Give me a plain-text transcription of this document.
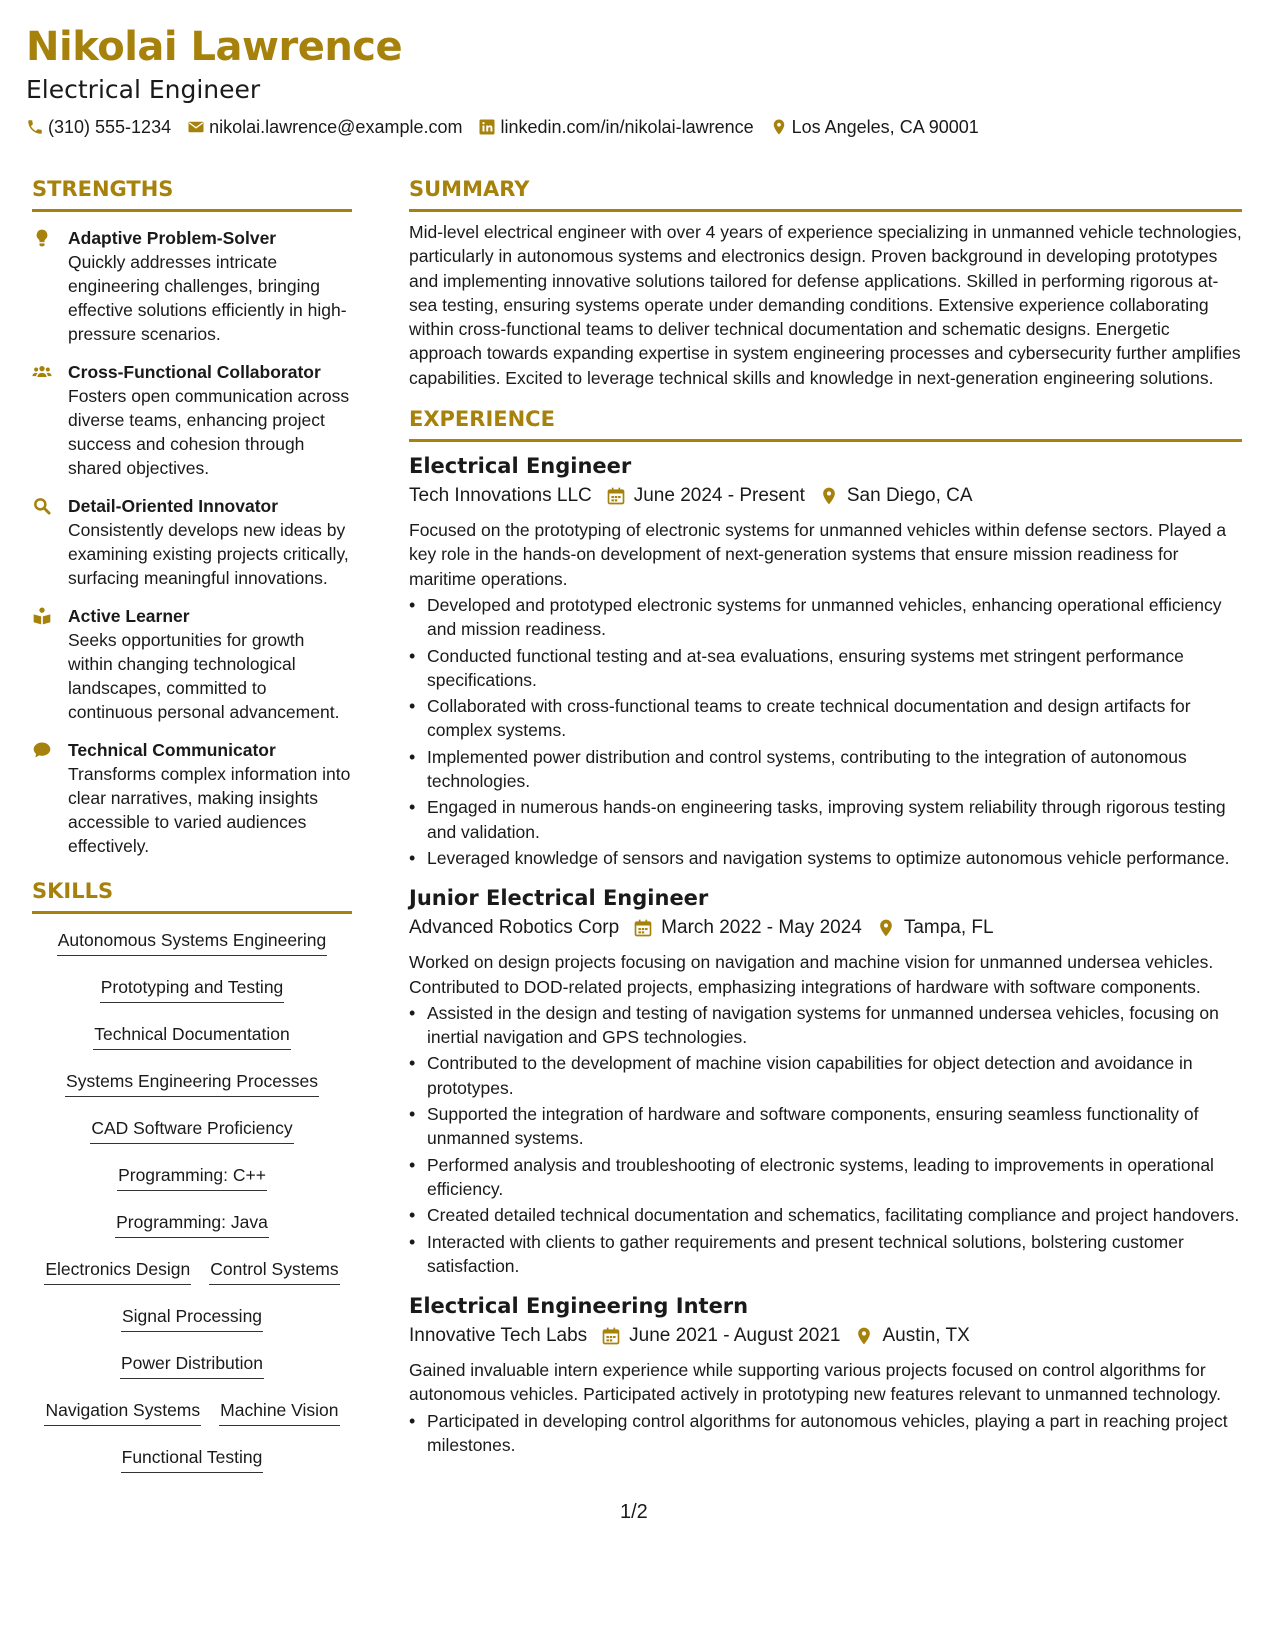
Nikolai Lawrence
Electrical Engineer
(310) 555-1234 nikolai.lawrence@example.com linkedin.com/in/nikolai-lawrence Los Angeles, CA 90001
STRENGTHS
Adaptive Problem-Solver
Quickly addresses intricate engineering challenges, bringing effective solutions efficiently in high-pressure scenarios.
Cross-Functional Collaborator
Fosters open communication across diverse teams, enhancing project success and cohesion through shared objectives.
Detail-Oriented Innovator
Consistently develops new ideas by examining existing projects critically, surfacing meaningful innovations.
Active Learner
Seeks opportunities for growth within changing technological landscapes, committed to continuous personal advancement.
Technical Communicator
Transforms complex information into clear narratives, making insights accessible to varied audiences effectively.
SKILLS
Autonomous Systems Engineering
Prototyping and Testing
Technical Documentation
Systems Engineering Processes
CAD Software Proficiency
Programming: C++
Programming: Java
Electronics Design Control Systems
Signal Processing
Power Distribution
Navigation Systems Machine Vision
Functional Testing
SUMMARY
Mid-level electrical engineer with over 4 years of experience specializing in unmanned vehicle technologies, particularly in autonomous systems and electronics design. Proven background in developing prototypes and implementing innovative solutions tailored for defense applications. Skilled in performing rigorous at-sea testing, ensuring systems operate under demanding conditions. Extensive experience collaborating within cross-functional teams to deliver technical documentation and schematic designs. Energetic approach towards expanding expertise in system engineering processes and cybersecurity further amplifies capabilities. Excited to leverage technical skills and knowledge in next-generation engineering solutions.
EXPERIENCE
Electrical Engineer
Tech Innovations LLC June 2024 - Present San Diego, CA
Focused on the prototyping of electronic systems for unmanned vehicles within defense sectors. Played a key role in the hands-on development of next-generation systems that ensure mission readiness for maritime operations.
• Developed and prototyped electronic systems for unmanned vehicles, enhancing operational efficiency and mission readiness.
• Conducted functional testing and at-sea evaluations, ensuring systems met stringent performance specifications.
• Collaborated with cross-functional teams to create technical documentation and design artifacts for complex systems.
• Implemented power distribution and control systems, contributing to the integration of autonomous technologies.
• Engaged in numerous hands-on engineering tasks, improving system reliability through rigorous testing and validation.
• Leveraged knowledge of sensors and navigation systems to optimize autonomous vehicle performance.
Junior Electrical Engineer
Advanced Robotics Corp March 2022 - May 2024 Tampa, FL
Worked on design projects focusing on navigation and machine vision for unmanned undersea vehicles. Contributed to DOD-related projects, emphasizing integrations of hardware with software components.
• Assisted in the design and testing of navigation systems for unmanned undersea vehicles, focusing on inertial navigation and GPS technologies.
• Contributed to the development of machine vision capabilities for object detection and avoidance in prototypes.
• Supported the integration of hardware and software components, ensuring seamless functionality of unmanned systems.
• Performed analysis and troubleshooting of electronic systems, leading to improvements in operational efficiency.
• Created detailed technical documentation and schematics, facilitating compliance and project handovers.
• Interacted with clients to gather requirements and present technical solutions, bolstering customer satisfaction.
Electrical Engineering Intern
Innovative Tech Labs June 2021 - August 2021 Austin, TX
Gained invaluable intern experience while supporting various projects focused on control algorithms for autonomous vehicles. Participated actively in prototyping new features relevant to unmanned technology.
• Participated in developing control algorithms for autonomous vehicles, playing a part in reaching project milestones.
1/2
